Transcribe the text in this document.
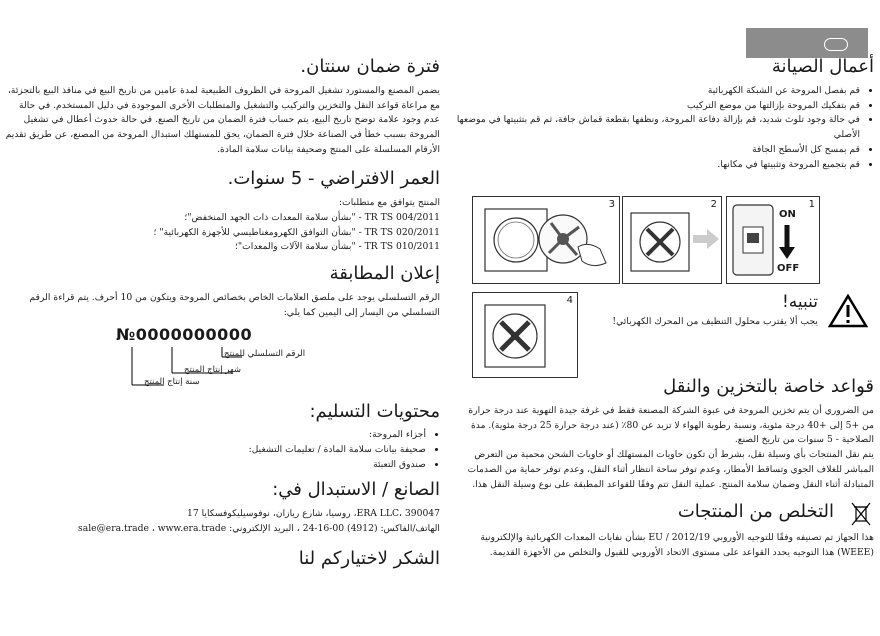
فترة ضمان سنتان.

يضمن المصنع والمستورد تشغيل المروحة في الظروف الطبيعية لمدة عامين من تاريخ البيع في منافذ البيع بالتجزئة، مع مراعاة قواعد النقل والتخزين والتركيب والتشغيل والمتطلبات الأخرى الموجودة في دليل المستخدم. في حالة عدم وجود علامة توضح تاريخ البيع، يتم حساب فترة الضمان من تاريخ الصنع. في حالة حدوث أعطال في تشغيل المروحة بسبب خطأ في الصناعة خلال فترة الضمان، يحق للمستهلك استبدال المروحة من المصنع، عن طريق تقديم الأرقام المسلسلة على المنتج وصحيفة بيانات سلامة المادة.

العمر الافتراضي - 5 سنوات.

المنتج يتوافق مع متطلبات:

TR TS 004/2011 - "بشأن سلامة المعدات ذات الجهد المنخفض"؛

TR TS 020/2011 - "بشأن التوافق الكهرومغناطيسي للأجهزة الكهربائية" ؛

TR TS 010/2011 - "بشأن سلامة الآلات والمعدات"؛

إعلان المطابقة

الرقم التسلسلي يوجد على ملصق العلامات الخاص بخصائص المروحة ويتكون من 10 أحرف. يتم قراءة الرقم التسلسلي من اليسار إلى اليمين كما يلي:

№0000000000
الرقم التسلسلي للمنتج
شهر إنتاج المنتج
سنة إنتاج المنتج
محتويات التسليم:
• أجزاء المروحة:
• صحيفة بيانات سلامة المادة / تعليمات التشغيل:
• صندوق التعبئة
الصانع / الاستبدال في:

ERA LLC، 390047، روسيا، شارع ريازان، نوفوسيليكوفسكايا 17

الهاتف/الفاكس: (4912) 00-16-24 ، البريد الإلكتروني: sale@era.trade ، www.era.trade

الشكر لاختياركم لنا
أعمال الصيانة
• قم بفصل المروحة عن الشبكة الكهربائية
• قم بتفكيك المروحة بإزالتها من موضع التركيب
• في حالة وجود تلوث شديد، قم بإزالة دفاعة المروحة، ونظفها بقطعة قماش جافة، ثم قم بتثبيتها في موضعها الأصلي
• قم بمسح كل الأسطح الجافة
• قم بتجميع المروحة وتثبيتها في مكانها.
3	2	1
ON
OFF
4	تنبيه!
يجب ألا يقترب محلول التنظيف من المحرك الكهربائي!
قواعد خاصة بالتخزين والنقل

من الضروري أن يتم تخزين المروحة في عبوة الشركة المصنعة فقط في غرفة جيدة التهوية عند درجة حرارة من +5 إلى +40 درجة مئوية، ونسبة رطوبة الهواء لا تزيد عن 80٪ (عند درجة حرارة 25 درجة مئوية). مدة الصلاحية - 5 سنوات من تاريخ الصنع.

يتم نقل المنتجات بأي وسيلة نقل، بشرط أن تكون حاويات المستهلك أو حاويات الشحن محمية من التعرض المباشر للغلاف الجوي وتساقط الأمطار، وعدم توفر ساحة انتظار أثناء النقل، وعدم توفر حماية من الصدمات المتبادلة أثناء النقل وضمان سلامة المنتج. عملية النقل تتم وفقًا للقواعد المطبقة على نوع وسيلة النقل هذا.

التخلص من المنتجات

هذا الجهاز تم تصنيفه وفقًا للتوجيه الأوروبي EU / 2012/19 بشأن نفايات المعدات الكهربائية والإلكترونية (WEEE) هذا التوجيه يحدد القواعد على مستوى الاتحاد الأوروبي للقبول والتخلص من الأجهزة القديمة.
